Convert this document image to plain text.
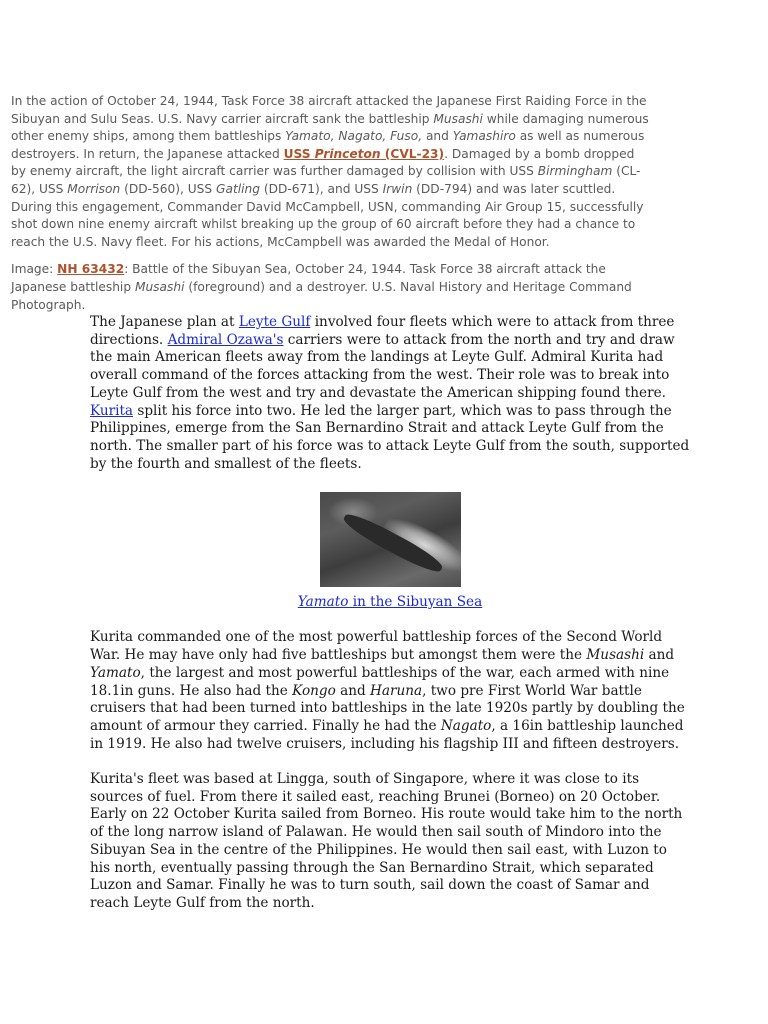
In the action of October 24, 1944, Task Force 38 aircraft attacked the Japanese First Raiding Force in the Sibuyan and Sulu Seas. U.S. Navy carrier aircraft sank the battleship Musashi while damaging numerous other enemy ships, among them battleships Yamato, Nagato, Fuso, and Yamashiro as well as numerous destroyers. In return, the Japanese attacked USS Princeton (CVL-23). Damaged by a bomb dropped by enemy aircraft, the light aircraft carrier was further damaged by collision with USS Birmingham (CL-62), USS Morrison (DD-560), USS Gatling (DD-671), and USS Irwin (DD-794) and was later scuttled. During this engagement, Commander David McCampbell, USN, commanding Air Group 15, successfully shot down nine enemy aircraft whilst breaking up the group of 60 aircraft before they had a chance to reach the U.S. Navy fleet. For his actions, McCampbell was awarded the Medal of Honor.

Image: NH 63432: Battle of the Sibuyan Sea, October 24, 1944. Task Force 38 aircraft attack the Japanese battleship Musashi (foreground) and a destroyer. U.S. Naval History and Heritage Command Photograph.

The Japanese plan at Leyte Gulf involved four fleets which were to attack from three directions. Admiral Ozawa's carriers were to attack from the north and try and draw the main American fleets away from the landings at Leyte Gulf. Admiral Kurita had overall command of the forces attacking from the west. Their role was to break into Leyte Gulf from the west and try and devastate the American shipping found there. Kurita split his force into two. He led the larger part, which was to pass through the Philippines, emerge from the San Bernardino Strait and attack Leyte Gulf from the north. The smaller part of his force was to attack Leyte Gulf from the south, supported by the fourth and smallest of the fleets.

Yamato in the Sibuyan Sea

Kurita commanded one of the most powerful battleship forces of the Second World War. He may have only had five battleships but amongst them were the Musashi and Yamato, the largest and most powerful battleships of the war, each armed with nine 18.1in guns. He also had the Kongo and Haruna, two pre First World War battle cruisers that had been turned into battleships in the late 1920s partly by doubling the amount of armour they carried. Finally he had the Nagato, a 16in battleship launched in 1919. He also had twelve cruisers, including his flagship III and fifteen destroyers.

Kurita's fleet was based at Lingga, south of Singapore, where it was close to its sources of fuel. From there it sailed east, reaching Brunei (Borneo) on 20 October. Early on 22 October Kurita sailed from Borneo. His route would take him to the north of the long narrow island of Palawan. He would then sail south of Mindoro into the Sibuyan Sea in the centre of the Philippines. He would then sail east, with Luzon to his north, eventually passing through the San Bernardino Strait, which separated Luzon and Samar. Finally he was to turn south, sail down the coast of Samar and reach Leyte Gulf from the north.
